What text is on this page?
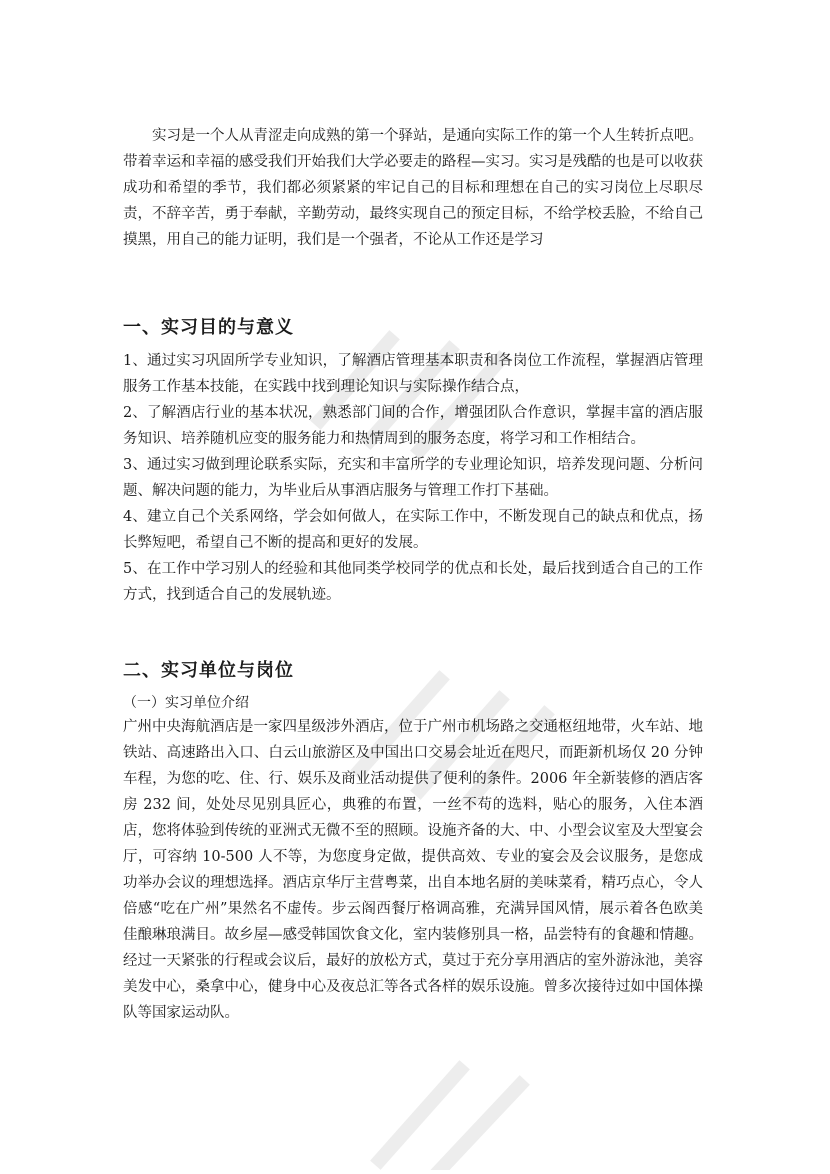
实习是一个人从青涩走向成熟的第一个驿站，是通向实际工作的第一个人生转折点吧。带着幸运和幸福的感受我们开始我们大学必要走的路程—实习。实习是残酷的也是可以收获成功和希望的季节，我们都必须紧紧的牢记自己的目标和理想在自己的实习岗位上尽职尽责，不辞辛苦，勇于奉献，辛勤劳动，最终实现自己的预定目标，不给学校丢脸，不给自己摸黑，用自己的能力证明，我们是一个强者，不论从工作还是学习

一、实习目的与意义

1、通过实习巩固所学专业知识，了解酒店管理基本职责和各岗位工作流程，掌握酒店管理服务工作基本技能，在实践中找到理论知识与实际操作结合点，

2、了解酒店行业的基本状况，熟悉部门间的合作，增强团队合作意识，掌握丰富的酒店服务知识、培养随机应变的服务能力和热情周到的服务态度，将学习和工作相结合。

3、通过实习做到理论联系实际，充实和丰富所学的专业理论知识，培养发现问题、分析问题、解决问题的能力，为毕业后从事酒店服务与管理工作打下基础。

4、建立自己个关系网络，学会如何做人，在实际工作中，不断发现自己的缺点和优点，扬长弊短吧，希望自己不断的提高和更好的发展。

5、在工作中学习别人的经验和其他同类学校同学的优点和长处，最后找到适合自己的工作方式，找到适合自己的发展轨迹。

二、实习单位与岗位

（一）实习单位介绍

广州中央海航酒店是一家四星级涉外酒店，位于广州市机场路之交通枢纽地带，火车站、地铁站、高速路出入口、白云山旅游区及中国出口交易会址近在咫尺，而距新机场仅 20 分钟车程，为您的吃、住、行、娱乐及商业活动提供了便利的条件。2006 年全新装修的酒店客房 232 间，处处尽见别具匠心，典雅的布置，一丝不苟的选料，贴心的服务，入住本酒店，您将体验到传统的亚洲式无微不至的照顾。设施齐备的大、中、小型会议室及大型宴会厅，可容纳 10-500 人不等，为您度身定做，提供高效、专业的宴会及会议服务，是您成功举办会议的理想选择。酒店京华厅主营粤菜，出自本地名厨的美味菜肴，精巧点心，令人倍感“吃在广州”果然名不虚传。步云阁西餐厅格调高雅，充满异国风情，展示着各色欧美佳酿琳琅满目。故乡屋—感受韩国饮食文化，室内装修别具一格，品尝特有的食趣和情趣。经过一天紧张的行程或会议后，最好的放松方式，莫过于充分享用酒店的室外游泳池，美容美发中心，桑拿中心，健身中心及夜总汇等各式各样的娱乐设施。曾多次接待过如中国体操队等国家运动队。
